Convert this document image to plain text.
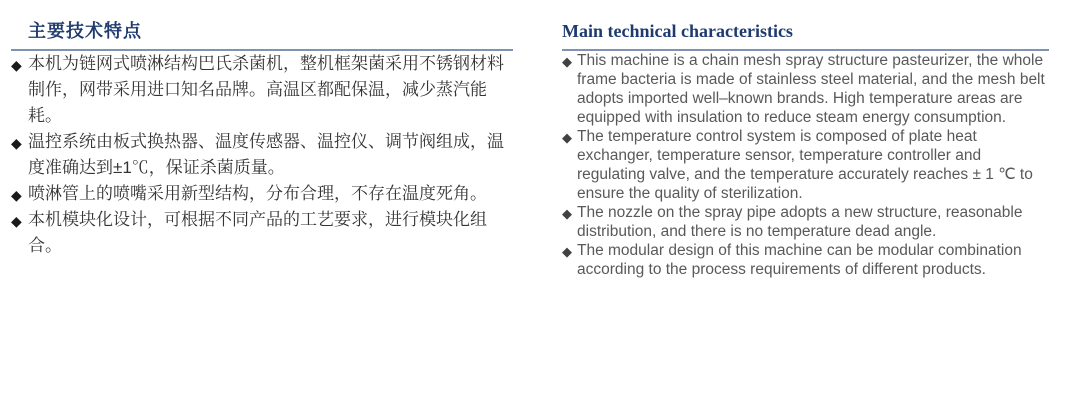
主要技术特点
◆ 本机为链网式喷淋结构巴氏杀菌机，整机框架菌采用不锈钢材料制作，网带采用进口知名品牌。高温区都配保温，减少蒸汽能耗。
◆ 温控系统由板式换热器、温度传感器、温控仪、调节阀组成，温度准确达到±1℃，保证杀菌质量。
◆ 喷淋管上的喷嘴采用新型结构，分布合理，不存在温度死角。
◆ 本机模块化设计，可根据不同产品的工艺要求，进行模块化组合。
Main technical characteristics
◆ This machine is a chain mesh spray structure pasteurizer, the whole frame bacteria is made of stainless steel material, and the mesh belt adopts imported well–known brands. High temperature areas are equipped with insulation to reduce steam energy consumption.
◆ The temperature control system is composed of plate heat exchanger, temperature sensor, temperature controller and regulating valve, and the temperature accurately reaches ± 1 ℃ to ensure the quality of sterilization.
◆ The nozzle on the spray pipe adopts a new structure, reasonable distribution, and there is no temperature dead angle.
◆ The modular design of this machine can be modular combination according to the process requirements of different products.
